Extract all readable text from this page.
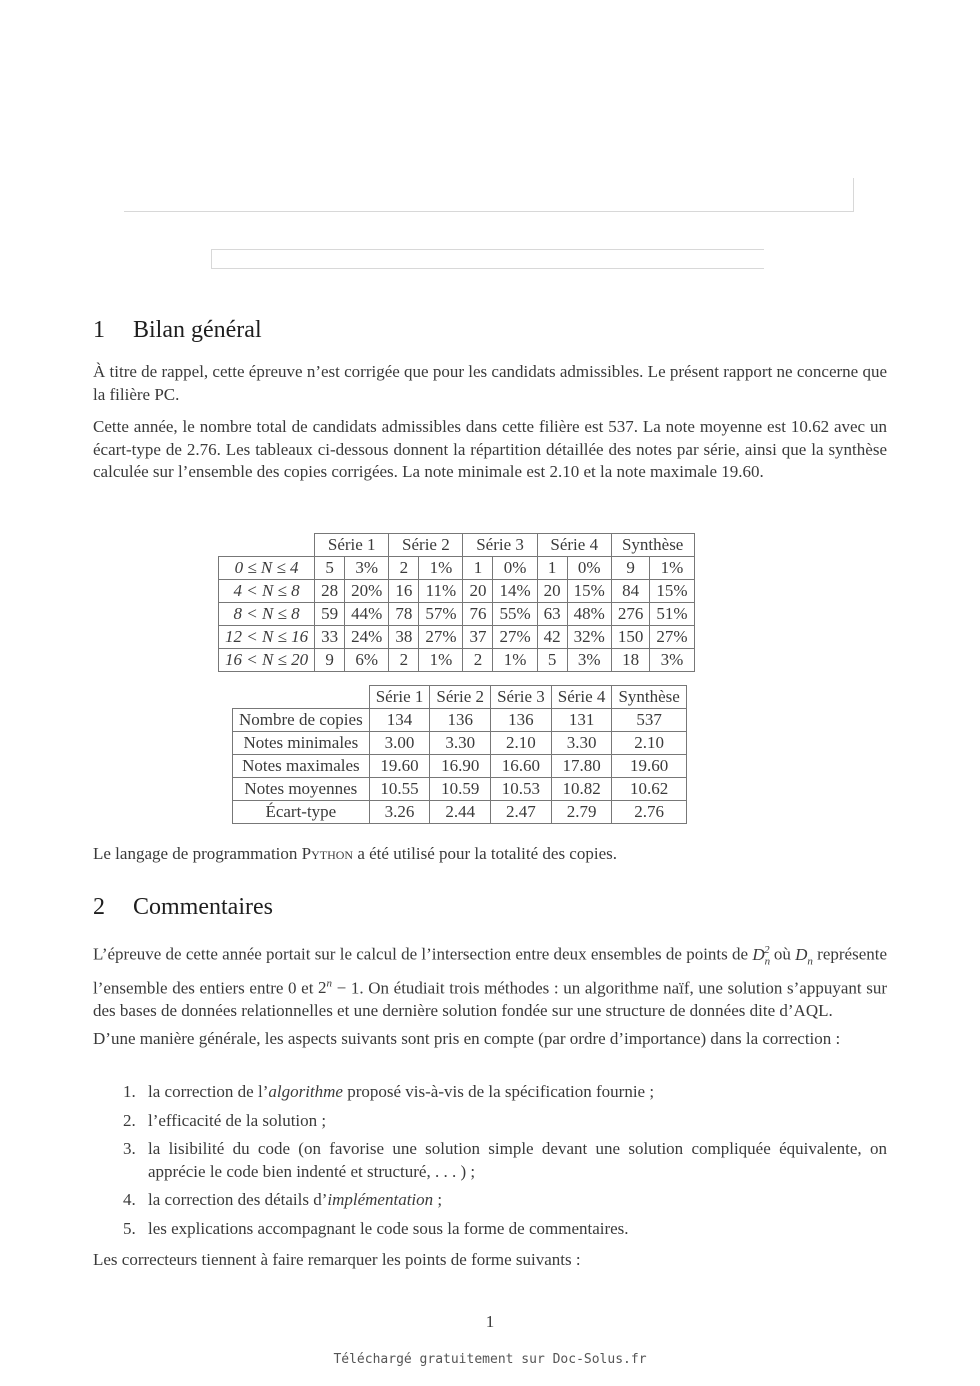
1 Bilan général

À titre de rappel, cette épreuve n’est corrigée que pour les candidats admissibles. Le présent rapport ne concerne que la filière PC.

Cette année, le nombre total de candidats admissibles dans cette filière est 537. La note moyenne est 10.62 avec un écart-type de 2.76. Les tableaux ci-dessous donnent la répartition détaillée des notes par série, ainsi que la synthèse calculée sur l’ensemble des copies corrigées. La note minimale est 2.10 et la note maximale 19.60.

	Série 1		Série 2		Série 3		Série 4		Synthèse	
0 ≤ N ≤ 4	5	3%	2	1%	1	0%	1	0%	9	1%
4 < N ≤ 8	28	20%	16	11%	20	14%	20	15%	84	15%
8 < N ≤ 8	59	44%	78	57%	76	55%	63	48%	276	51%
12 < N ≤ 16	33	24%	38	27%	37	27%	42	32%	150	27%
16 < N ≤ 20	9	6%	2	1%	2	1%	5	3%	18	3%
	Série 1	Série 2	Série 3	Série 4	Synthèse
Nombre de copies	134	136	136	131	537
Notes minimales	3.00	3.30	2.10	3.30	2.10
Notes maximales	19.60	16.90	16.60	17.80	19.60
Notes moyennes	10.55	10.59	10.53	10.82	10.62
Écart-type	3.26	2.44	2.47	2.79	2.76

Le langage de programmation Python a été utilisé pour la totalité des copies.

2 Commentaires

L’épreuve de cette année portait sur le calcul de l’intersection entre deux ensembles de points de $D_n^2$ où $D_n$ représente l’ensemble des entiers entre 0 et $2^n - 1$. On étudiait trois méthodes : un algorithme naïf, une solution s’appuyant sur des bases de données relationnelles et une dernière solution fondée sur une structure de données dite d’AQL.

D’une manière générale, les aspects suivants sont pris en compte (par ordre d’importance) dans la correction :

1. la correction de l’algorithme proposé vis-à-vis de la spécification fournie ;
2. l’efficacité de la solution ;
3. la lisibilité du code (on favorise une solution simple devant une solution compliquée équivalente, on apprécie le code bien indenté et structuré, . . . ) ;
4. la correction des détails d’implémentation ;
5. les explications accompagnant le code sous la forme de commentaires.

Les correcteurs tiennent à faire remarquer les points de forme suivants :

1
Téléchargé gratuitement sur Doc-Solus.fr
